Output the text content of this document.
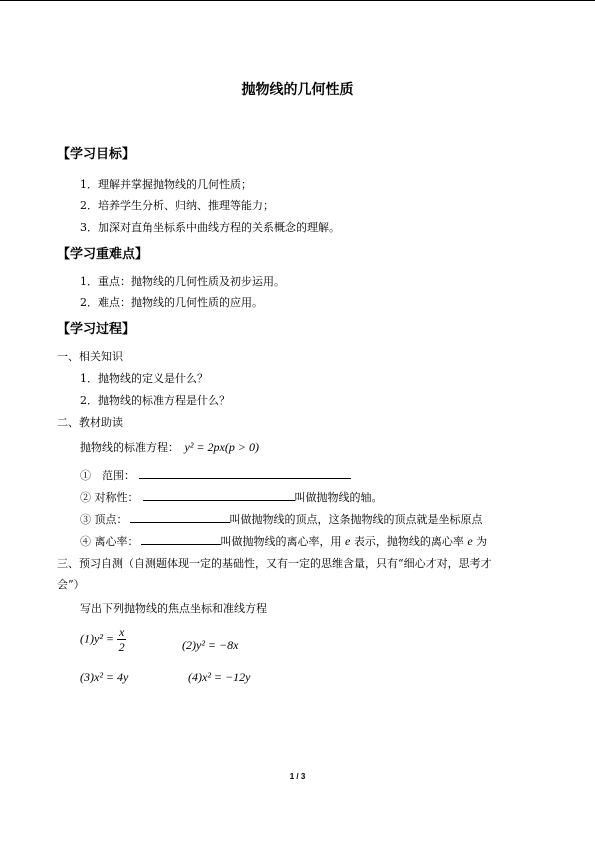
抛物线的几何性质
【学习目标】
1．理解并掌握抛物线的几何性质；
2．培养学生分析、归纳、推理等能力；
3．加深对直角坐标系中曲线方程的关系概念的理解。
【学习重难点】
1．重点：抛物线的几何性质及初步运用。
2．难点：抛物线的几何性质的应用。
【学习过程】
一、相关知识
1．抛物线的定义是什么？
2．抛物线的标准方程是什么？
二、教材助读
抛物线的标准方程： y² = 2px(p > 0)
①　范围：
② 对称性：	叫做抛物线的轴。
③ 顶点：	叫做抛物线的顶点，这条抛物线的顶点就是坐标原点
④ 离心率：	叫做抛物线的离心率，用 e 表示，抛物线的离心率 e 为
三、预习自测（自测题体现一定的基础性，又有一定的思维含量，只有“细心才对，思考才
会”）
写出下列抛物线的焦点坐标和准线方程
$(1)y^2 = \frac{x}{2}$	(2)y² = −8x
(3)x² = 4y	(4)x² = −12y
1 / 3
